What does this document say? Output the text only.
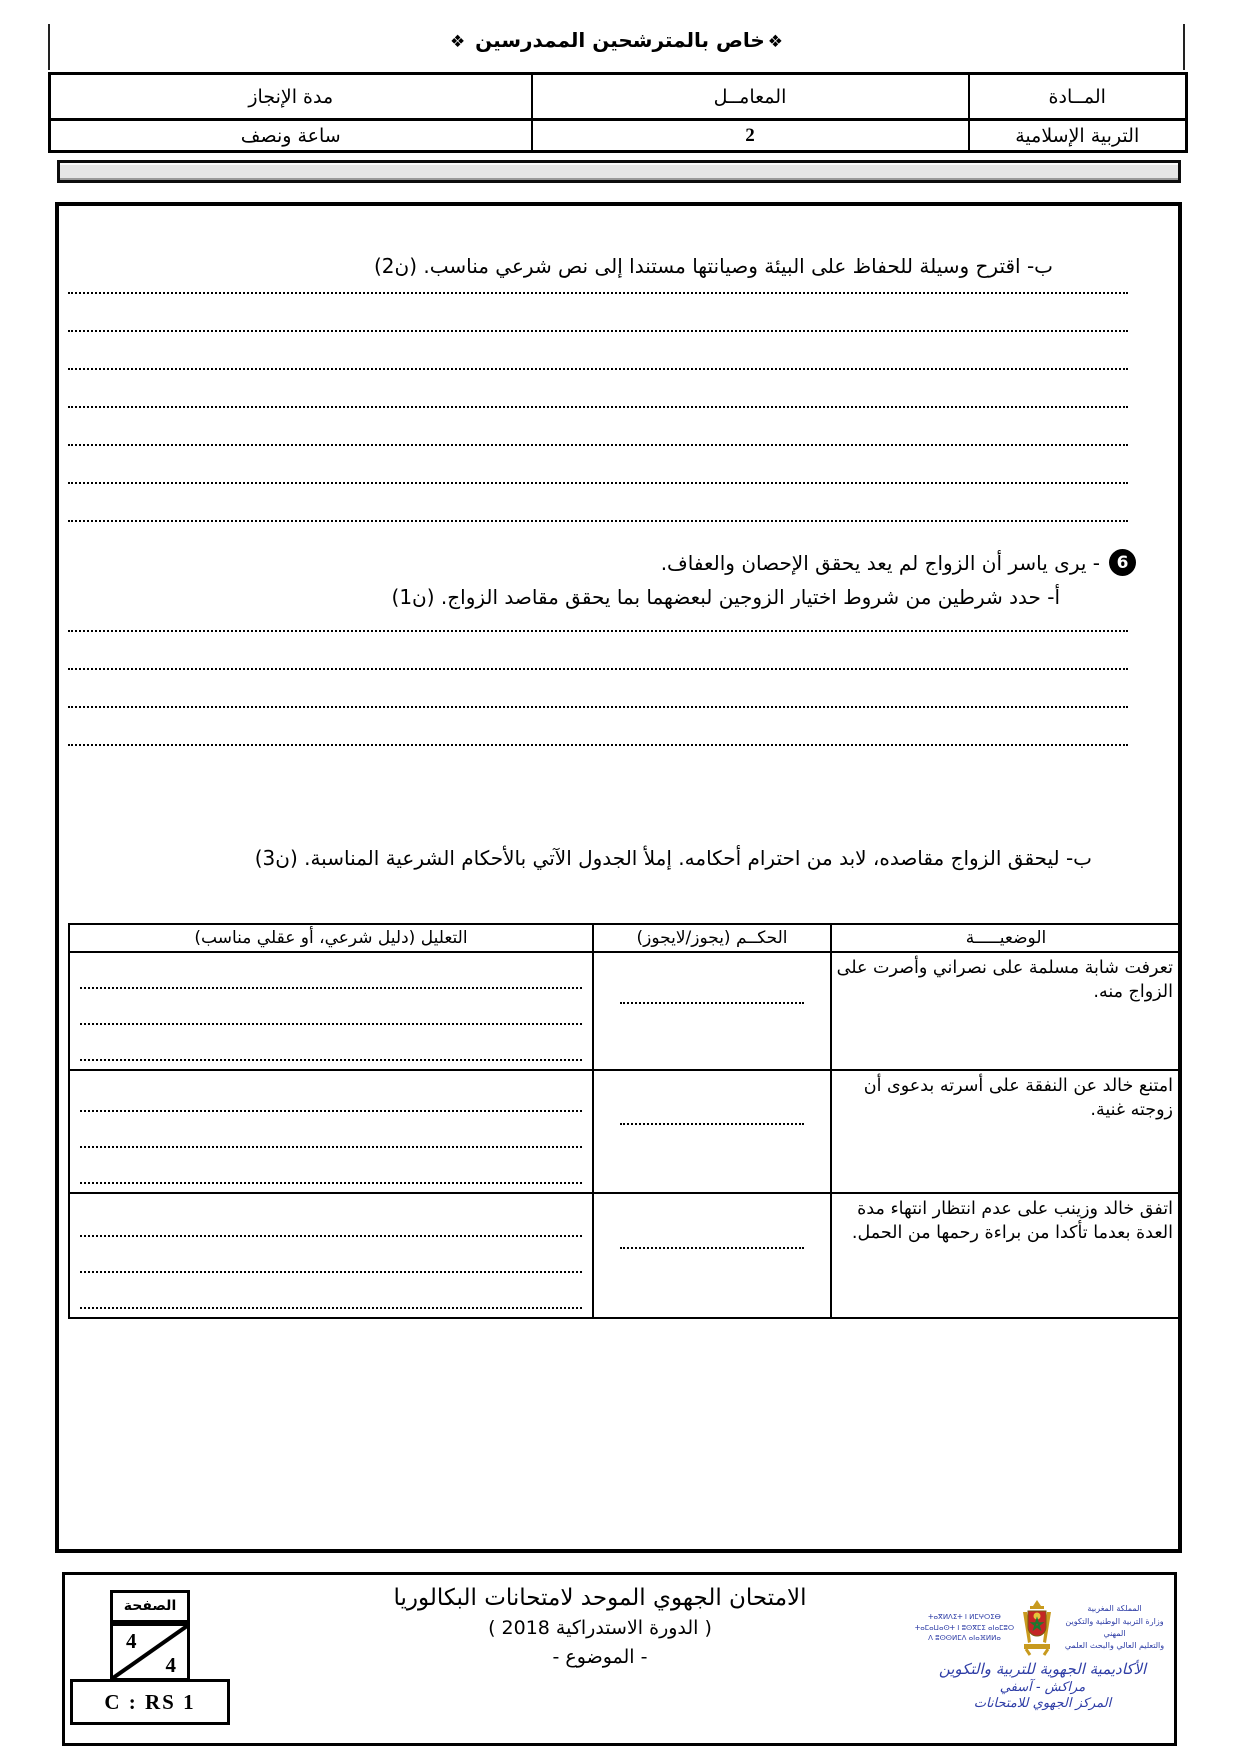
❖خاص بالمترشحين الممدرسين ❖
المــادة	المعامــل	مدة الإنجاز
التربية الإسلامية	2	ساعة ونصف
ب- اقترح وسيلة للحفاظ على البيئة وصيانتها مستندا إلى نص شرعي مناسب. (ن2)
6
- يرى ياسر أن الزواج لم يعد يحقق الإحصان والعفاف.
أ- حدد شرطين من شروط اختيار الزوجين لبعضهما بما يحقق مقاصد الزواج. (ن1)
ب- ليحقق الزواج مقاصده، لابد من احترام أحكامه. إملأ الجدول الآتي بالأحكام الشرعية المناسبة. (ن3)
الوضعيـــــة	الحكــم (يجوز/لايجوز)	التعليل (دليل شرعي، أو عقلي مناسب)
تعرفت شابة مسلمة على نصراني وأصرت على الزواج منه.	

امتنع خالد عن النفقة على أسرته بدعوى أن زوجته غنية.	

اتفق خالد وزينب على عدم انتظار انتهاء مدة العدة بعدما تأكدا من براءة رحمها من الحمل.	

الصفحة
4
4
C : RS 1
الامتحان الجهوي الموحد لامتحانات البكالوريا
( الدورة الاستدراكية 2018 )
- الموضوع -
المملكة المغربية
وزارة التربية الوطنية والتكوين المهني
والتعليم العالي والبحث العلمي
ⵜⴰⴳⵍⴷⵉⵜ ⵏ ⵍⵎⵖⵔⵉⴱ
ⵜⴰⵎⴰⵡⴰⵙⵜ ⵏ ⵓⵙⴳⵎⵉ ⴰⵏⴰⵎⵓⵔ
ⴷ ⵓⵙⵙⵍⵎⴷ ⴰⵏⴰⴼⵍⵍⴰ
الأكاديمية الجهوية للتربية والتكوين
مراكش - آسفي
المركز الجهوي للامتحانات
